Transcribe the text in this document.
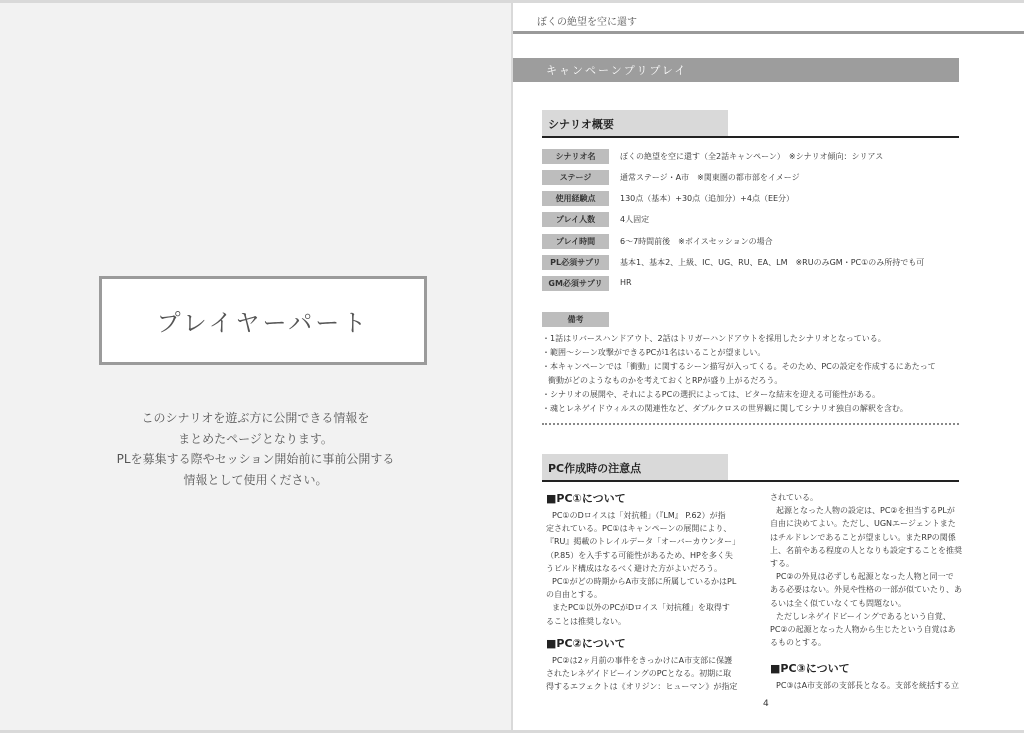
プレイヤーパート
このシナリオを遊ぶ方に公開できる情報を
まとめたページとなります。
PLを募集する際やセッション開始前に事前公開する
情報として使用ください。
ぼくの絶望を空に還す
キャンペーンプリプレイ
シナリオ概要
シナリオ名	ぼくの絶望を空に還す（全2話キャンペーン）　※シナリオ傾向：シリアス
ステージ	通常ステージ・A市　※関東圏の都市部をイメージ
使用経験点	130点（基本）+30点（追加分）+4点（EE分）
プレイ人数	4人固定
プレイ時間	6～7時間前後　※ボイスセッションの場合
PL必須サプリ	基本1、基本2、上級、IC、UG、RU、EA、LM　※RUのみGM・PC①のみ所持でも可
GM必須サプリ	HR
備考
・1話はリバースハンドアウト、2話はトリガーハンドアウトを採用したシナリオとなっている。
・範囲～シーン攻撃ができるPCが1名はいることが望ましい。
・本キャンペーンでは「衝動」に関するシーン描写が入ってくる。そのため、PCの設定を作成するにあたって
衝動がどのようなものかを考えておくとRPが盛り上がるだろう。
・シナリオの展開や、それによるPCの選択によっては、ビターな結末を迎える可能性がある。
・魂とレネゲイドウィルスの関連性など、ダブルクロスの世界観に関してシナリオ独自の解釈を含む。
PC作成時の注意点
■PC①について
PC①のDロイスは「対抗種」（『LM』 P.62）が指
定されている。PC①はキャンペーンの展開により、
『RU』掲載のトレイルデータ「オーバーカウンター」
（P.85）を入手する可能性があるため、HPを多く失
うビルド構成はなるべく避けた方がよいだろう。
PC①がどの時期からA市支部に所属しているかはPL
の自由とする。
またPC①以外のPCがDロイス「対抗種」を取得す
ることは推奨しない。
■PC②について
PC②は2ヶ月前の事件をきっかけにA市支部に保護
されたレネゲイドビーイングのPCとなる。初期に取
得するエフェクトは《オリジン：ヒューマン》が指定
されている。
起源となった人物の設定は、PC②を担当するPLが
自由に決めてよい。ただし、UGNエージェントまた
はチルドレンであることが望ましい。またRPの関係
上、名前やある程度の人となりも設定することを推奨
する。
PC②の外見は必ずしも起源となった人物と同一で
ある必要はない。外見や性格の一部が似ていたり、あ
るいは全く似ていなくても問題ない。
ただしレネゲイドビーイングであるという自覚、
PC②の起源となった人物から生じたという自覚はあ
るものとする。
■PC③について
PC③はA市支部の支部長となる。支部を統括する立
4
